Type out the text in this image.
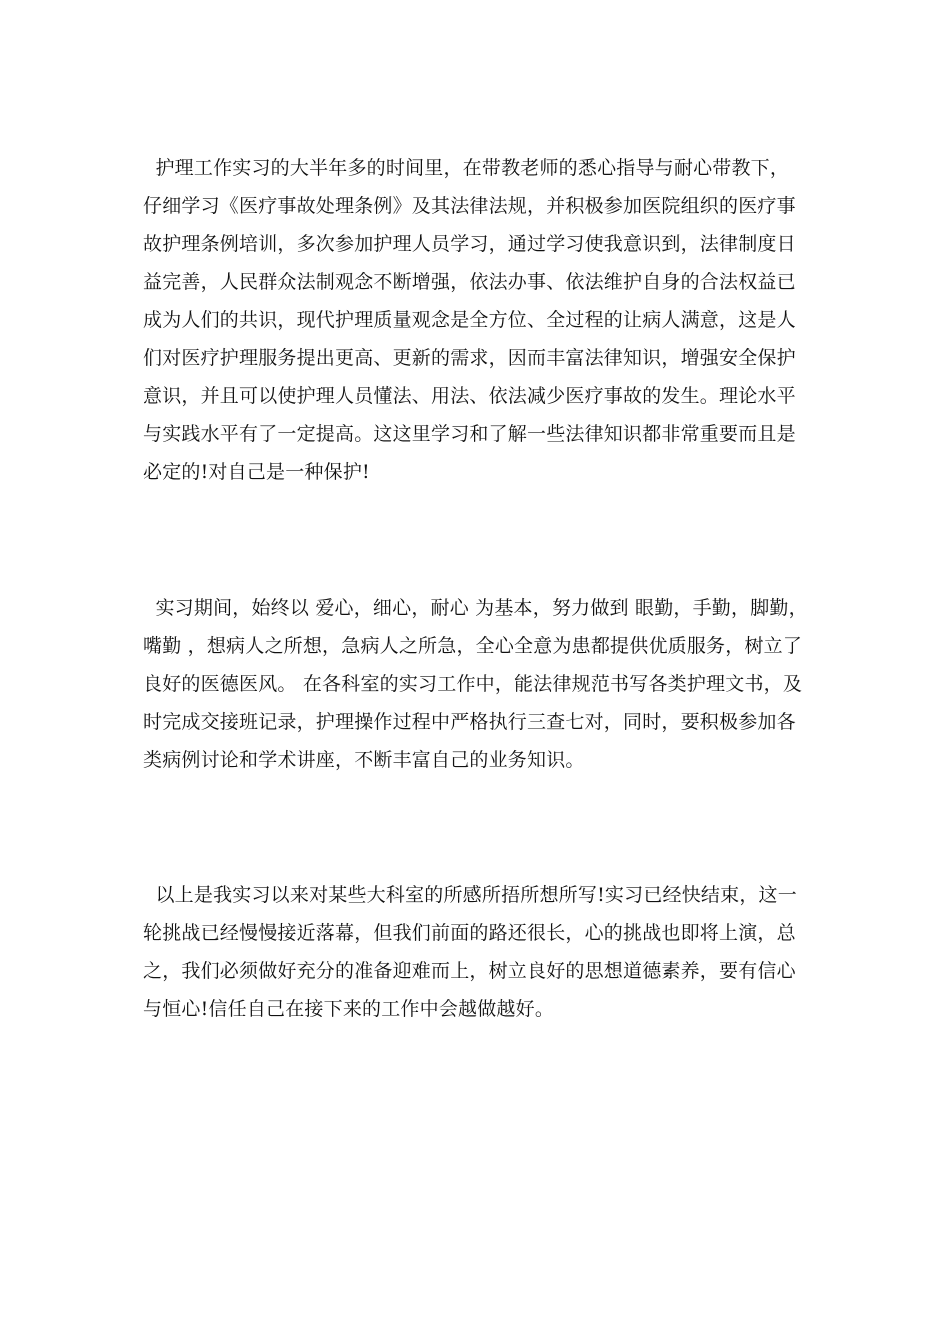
护理工作实习的大半年多的时间里，在带教老师的悉心指导与耐心带教下，

仔细学习《医疗事故处理条例》及其法律法规，并积极参加医院组织的医疗事

故护理条例培训，多次参加护理人员学习，通过学习使我意识到，法律制度日

益完善，人民群众法制观念不断增强，依法办事、依法维护自身的合法权益已

成为人们的共识，现代护理质量观念是全方位、全过程的让病人满意，这是人

们对医疗护理服务提出更高、更新的需求，因而丰富法律知识，增强安全保护

意识，并且可以使护理人员懂法、用法、依法减少医疗事故的发生。理论水平

与实践水平有了一定提高。这这里学习和了解一些法律知识都非常重要而且是

必定的!对自己是一种保护!

实习期间，始终以 爱心，细心，耐心 为基本，努力做到 眼勤，手勤，脚勤，

嘴勤 ，想病人之所想，急病人之所急，全心全意为患都提供优质服务，树立了

良好的医德医风。 在各科室的实习工作中，能法律规范书写各类护理文书，及

时完成交接班记录，护理操作过程中严格执行三查七对，同时，要积极参加各

类病例讨论和学术讲座，不断丰富自己的业务知识。

以上是我实习以来对某些大科室的所感所捂所想所写!实习已经快结束，这一

轮挑战已经慢慢接近落幕，但我们前面的路还很长，心的挑战也即将上演，总

之，我们必须做好充分的准备迎难而上，树立良好的思想道德素养，要有信心

与恒心!信任自己在接下来的工作中会越做越好。
